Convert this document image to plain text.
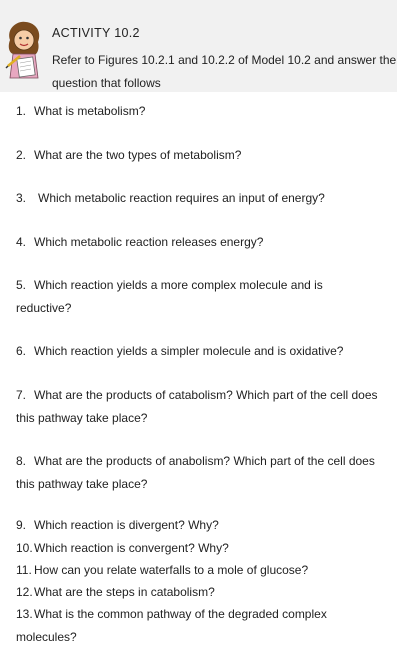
ACTIVITY 10.2
Refer to Figures 10.2.1 and 10.2.2 of Model 10.2 and answer the question that follows
1. What is metabolism?
2. What are the two types of metabolism?
3. Which metabolic reaction requires an input of energy?
4. Which metabolic reaction releases energy?
5. Which reaction yields a more complex molecule and is reductive?
6. Which reaction yields a simpler molecule and is oxidative?
7. What are the products of catabolism? Which part of the cell does this pathway take place?
8. What are the products of anabolism? Which part of the cell does this pathway take place?
9. Which reaction is divergent? Why?
10.Which reaction is convergent? Why?
11. How can you relate waterfalls to a mole of glucose?
12.What are the steps in catabolism?
13.What is the common pathway of the degraded complex molecules?
